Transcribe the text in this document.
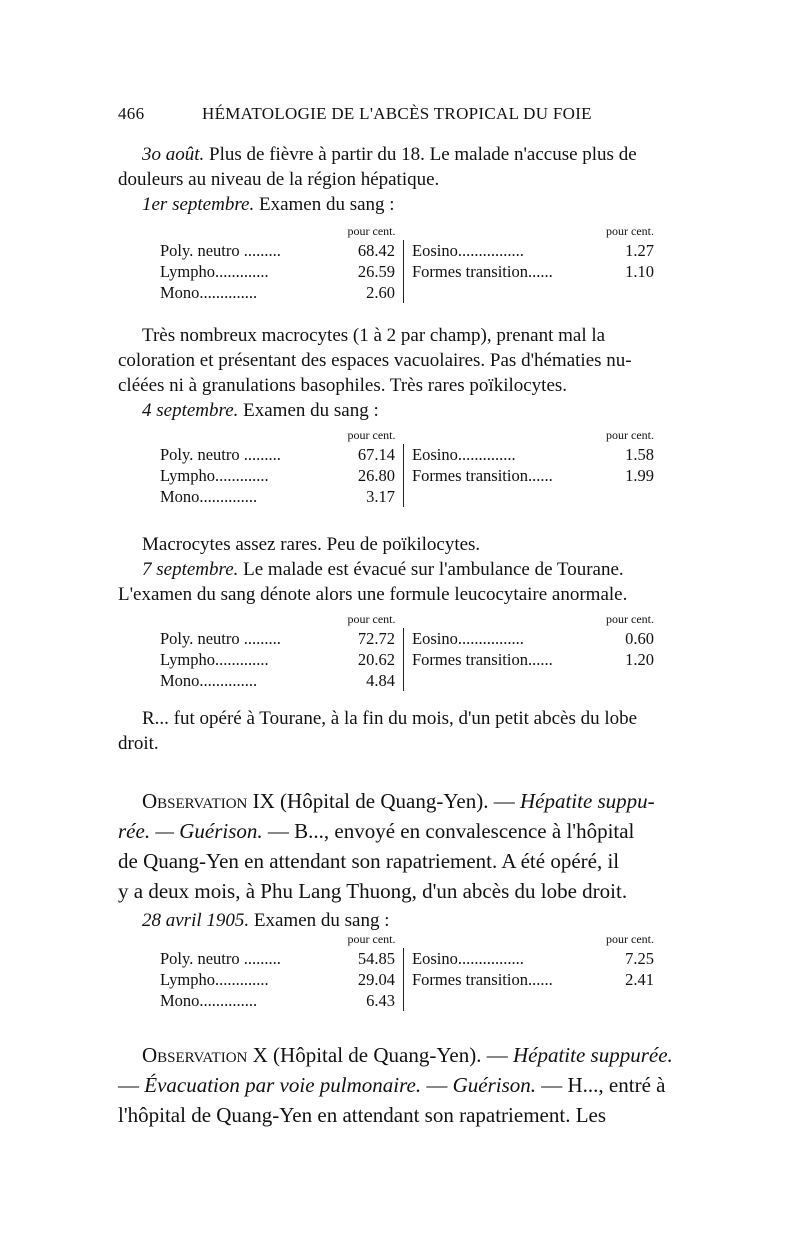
466	HÉMATOLOGIE DE L'ABCÈS TROPICAL DU FOIE
3o août. Plus de fièvre à partir du 18. Le malade n'accuse plus de
douleurs au niveau de la région hépatique.
1er septembre. Examen du sang :
	pour cent.		pour cent.
Poly. neutro .........	68.42	Eosino................	1.27
Lympho.............	26.59	Formes transition......	1.10
Mono..............	2.60		
Très nombreux macrocytes (1 à 2 par champ), prenant mal la
coloration et présentant des espaces vacuolaires. Pas d'hématies nu-
cléées ni à granulations basophiles. Très rares poïkilocytes.
4 septembre. Examen du sang :
	pour cent.		pour cent.
Poly. neutro .........	67.14	Eosino..............	1.58
Lympho.............	26.80	Formes transition......	1.99
Mono..............	3.17		
Macrocytes assez rares. Peu de poïkilocytes.
7 septembre. Le malade est évacué sur l'ambulance de Tourane.
L'examen du sang dénote alors une formule leucocytaire anormale.
	pour cent.		pour cent.
Poly. neutro .........	72.72	Eosino................	0.60
Lympho.............	20.62	Formes transition......	1.20
Mono..............	4.84		
R... fut opéré à Tourane, à la fin du mois, d'un petit abcès du lobe
droit.
Observation IX (Hôpital de Quang-Yen). — Hépatite suppu-
rée. — Guérison. — B..., envoyé en convalescence à l'hôpital
de Quang-Yen en attendant son rapatriement. A été opéré, il
y a deux mois, à Phu Lang Thuong, d'un abcès du lobe droit.
28 avril 1905. Examen du sang :
	pour cent.		pour cent.
Poly. neutro .........	54.85	Eosino................	7.25
Lympho.............	29.04	Formes transition......	2.41
Mono..............	6.43		
Observation X (Hôpital de Quang-Yen). — Hépatite suppurée.
— Évacuation par voie pulmonaire. — Guérison. — H..., entré à
l'hôpital de Quang-Yen en attendant son rapatriement. Les
